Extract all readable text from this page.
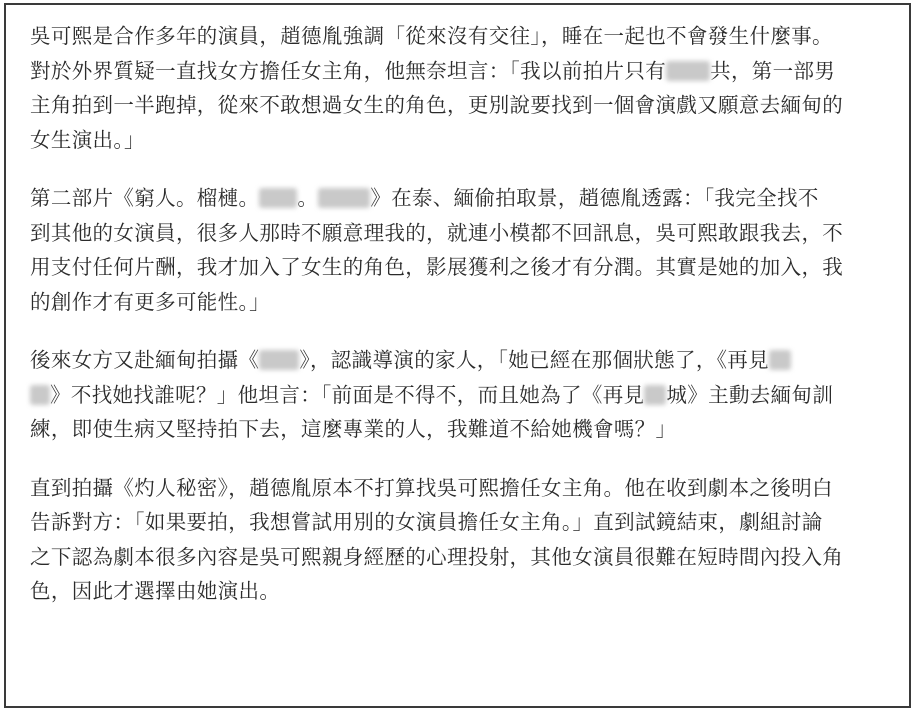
吳可熙是合作多年的演員，趙德胤強調「從來沒有交往」，睡在一起也不會發生什麼事。
對於外界質疑一直找女方擔任女主角，他無奈坦言：「我以前拍片只有 共，第一部男
主角拍到一半跑掉，從來不敢想過女生的角色，更別說要找到一個會演戲又願意去緬甸的
女生演出。」
第二部片《窮人。榴槤。 。	》在泰、緬偷拍取景，趙德胤透露：「我完全找不
到其他的女演員，很多人那時不願意理我的，就連小模都不回訊息，吳可熙敢跟我去，不
用支付任何片酬，我才加入了女生的角色，影展獲利之後才有分潤。其實是她的加入，我
的創作才有更多可能性。」
後來女方又赴緬甸拍攝《 》，認識導演的家人，「她已經在那個狀態了，《再見
》不找她找誰呢？」他坦言：「前面是不得不，而且她為了《再見 城》主動去緬甸訓
練，即使生病又堅持拍下去，這麼專業的人，我難道不給她機會嗎？」
直到拍攝《灼人秘密》，趙德胤原本不打算找吳可熙擔任女主角。他在收到劇本之後明白
告訴對方：「如果要拍，我想嘗試用別的女演員擔任女主角。」直到試鏡結束，劇組討論
之下認為劇本很多內容是吳可熙親身經歷的心理投射，其他女演員很難在短時間內投入角
色，因此才選擇由她演出。
